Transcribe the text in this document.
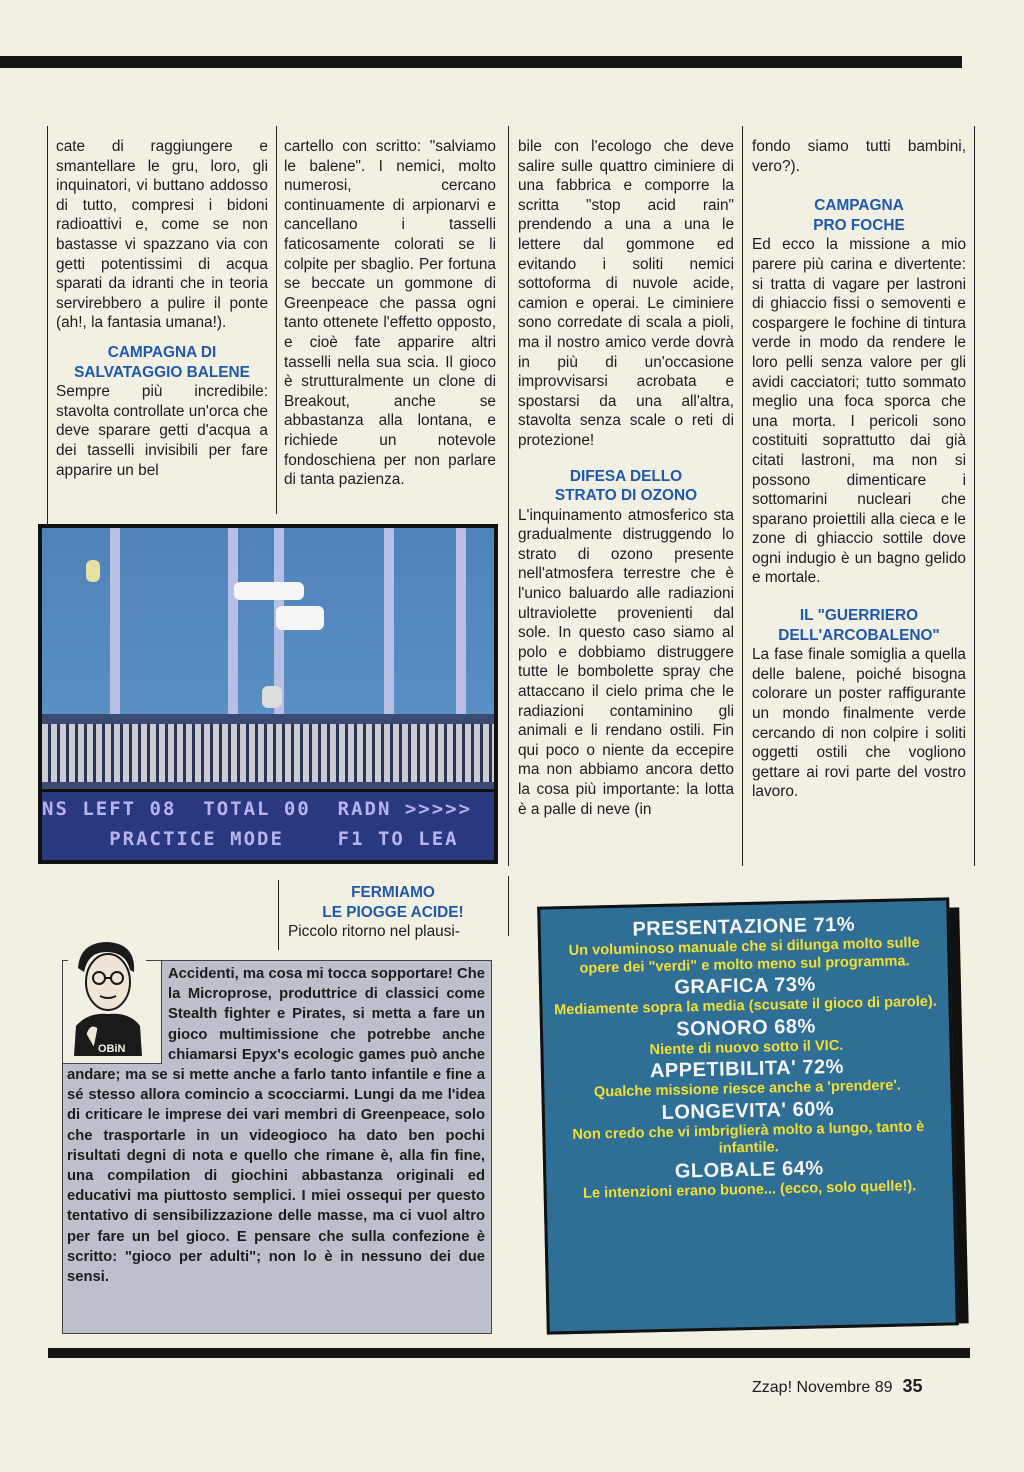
cate di raggiungere e smantellare le gru, loro, gli inquinatori, vi buttano addosso di tutto, compresi i bidoni radioattivi e, come se non bastasse vi spazzano via con getti potentissimi di acqua sparati da idranti che in teoria servirebbero a pulire il ponte (ah!, la fantasia umana!).

CAMPAGNA DI

SALVATAGGIO BALENE

Sempre più incredibile: stavolta controllate un'orca che deve sparare getti d'acqua a dei tasselli invisibili per fare apparire un bel

cartello con scritto: "salviamo le balene". I nemici, molto numerosi, cercano continuamente di arpionarvi e cancellano i tasselli faticosamente colorati se li colpite per sbaglio. Per fortuna se beccate un gommone di Greenpeace che passa ogni tanto ottenete l'effetto opposto, e cioè fate apparire altri tasselli nella sua scia. Il gioco è strutturalmente un clone di Breakout, anche se abbastanza alla lontana, e richiede un notevole fondoschiena per non parlare di tanta pazienza.

bile con l'ecologo che deve salire sulle quattro ciminiere di una fabbrica e comporre la scritta "stop acid rain" prendendo a una a una le lettere dal gommone ed evitando i soliti nemici sottoforma di nuvole acide, camion e operai. Le ciminiere sono corredate di scala a pioli, ma il nostro amico verde dovrà in più di un'occasione improvvisarsi acrobata e spostarsi da una all'altra, stavolta senza scale o reti di protezione!

DIFESA DELLO

STRATO DI OZONO

L'inquinamento atmosferico sta gradualmente distruggendo lo strato di ozono presente nell'atmosfera terrestre che è l'unico baluardo alle radiazioni ultraviolette provenienti dal sole. In questo caso siamo al polo e dobbiamo distruggere tutte le bombolette spray che attaccano il cielo prima che le radiazioni contaminino gli animali e li rendano ostili. Fin qui poco o niente da eccepire ma non abbiamo ancora detto la cosa più importante: la lotta è a palle di neve (in

fondo siamo tutti bambini, vero?).

CAMPAGNA

PRO FOCHE

Ed ecco la missione a mio parere più carina e divertente: si tratta di vagare per lastroni di ghiaccio fissi o semoventi e cospargere le fochine di tintura verde in modo da rendere le loro pelli senza valore per gli avidi cacciatori; tutto sommato meglio una foca sporca che una morta. I pericoli sono costituiti soprattutto dai già citati lastroni, ma non si possono dimenticare i sottomarini nucleari che sparano proiettili alla cieca e le zone di ghiaccio sottile dove ogni indugio è un bagno gelido e mortale.

IL "GUERRIERO

DELL'ARCOBALENO"

La fase finale somiglia a quella delle balene, poiché bisogna colorare un poster raffigurante un mondo finalmente verde cercando di non colpire i soliti oggetti ostili che vogliono gettare ai rovi parte del vostro lavoro.

FERMIAMO

LE PIOGGE ACIDE!

Piccolo ritorno nel plausi-

NS LEFT 08  TOTAL 00  RADN >>>>>
PRACTICE MODE    F1 TO LEA
Accidenti, ma cosa mi tocca sopportare! Che la Microprose, produttrice di classici come Stealth fighter e Pirates, si metta a fare un gioco multimissione che potrebbe anche chiamarsi Epyx's ecologic games può anche andare; ma se si mette anche a farlo tanto infantile e fine a sé stesso allora comincio a scocciarmi. Lungi da me l'idea di criticare le imprese dei vari membri di Greenpeace, solo che trasportarle in un videogioco ha dato ben pochi risultati degni di nota e quello che rimane è, alla fin fine, una compilation di giochini abbastanza originali ed educativi ma piuttosto semplici. I miei ossequi per questo tentativo di sensibilizzazione delle masse, ma ci vuol altro per fare un bel gioco. E pensare che sulla confezione è scritto: "gioco per adulti"; non lo è in nessuno dei due sensi.
OBiN

PRESENTAZIONE 71%

Un voluminoso manuale che si dilunga molto sulle opere dei "verdi" e molto meno sul programma.

GRAFICA 73%

Mediamente sopra la media (scusate il gioco di parole).

SONORO 68%

Niente di nuovo sotto il VIC.

APPETIBILITA' 72%

Qualche missione riesce anche a 'prendere'.

LONGEVITA' 60%

Non credo che vi imbriglierà molto a lungo, tanto è infantile.

GLOBALE 64%

Le intenzioni erano buone... (ecco, solo quelle!).

Zzap! Novembre 89 35
